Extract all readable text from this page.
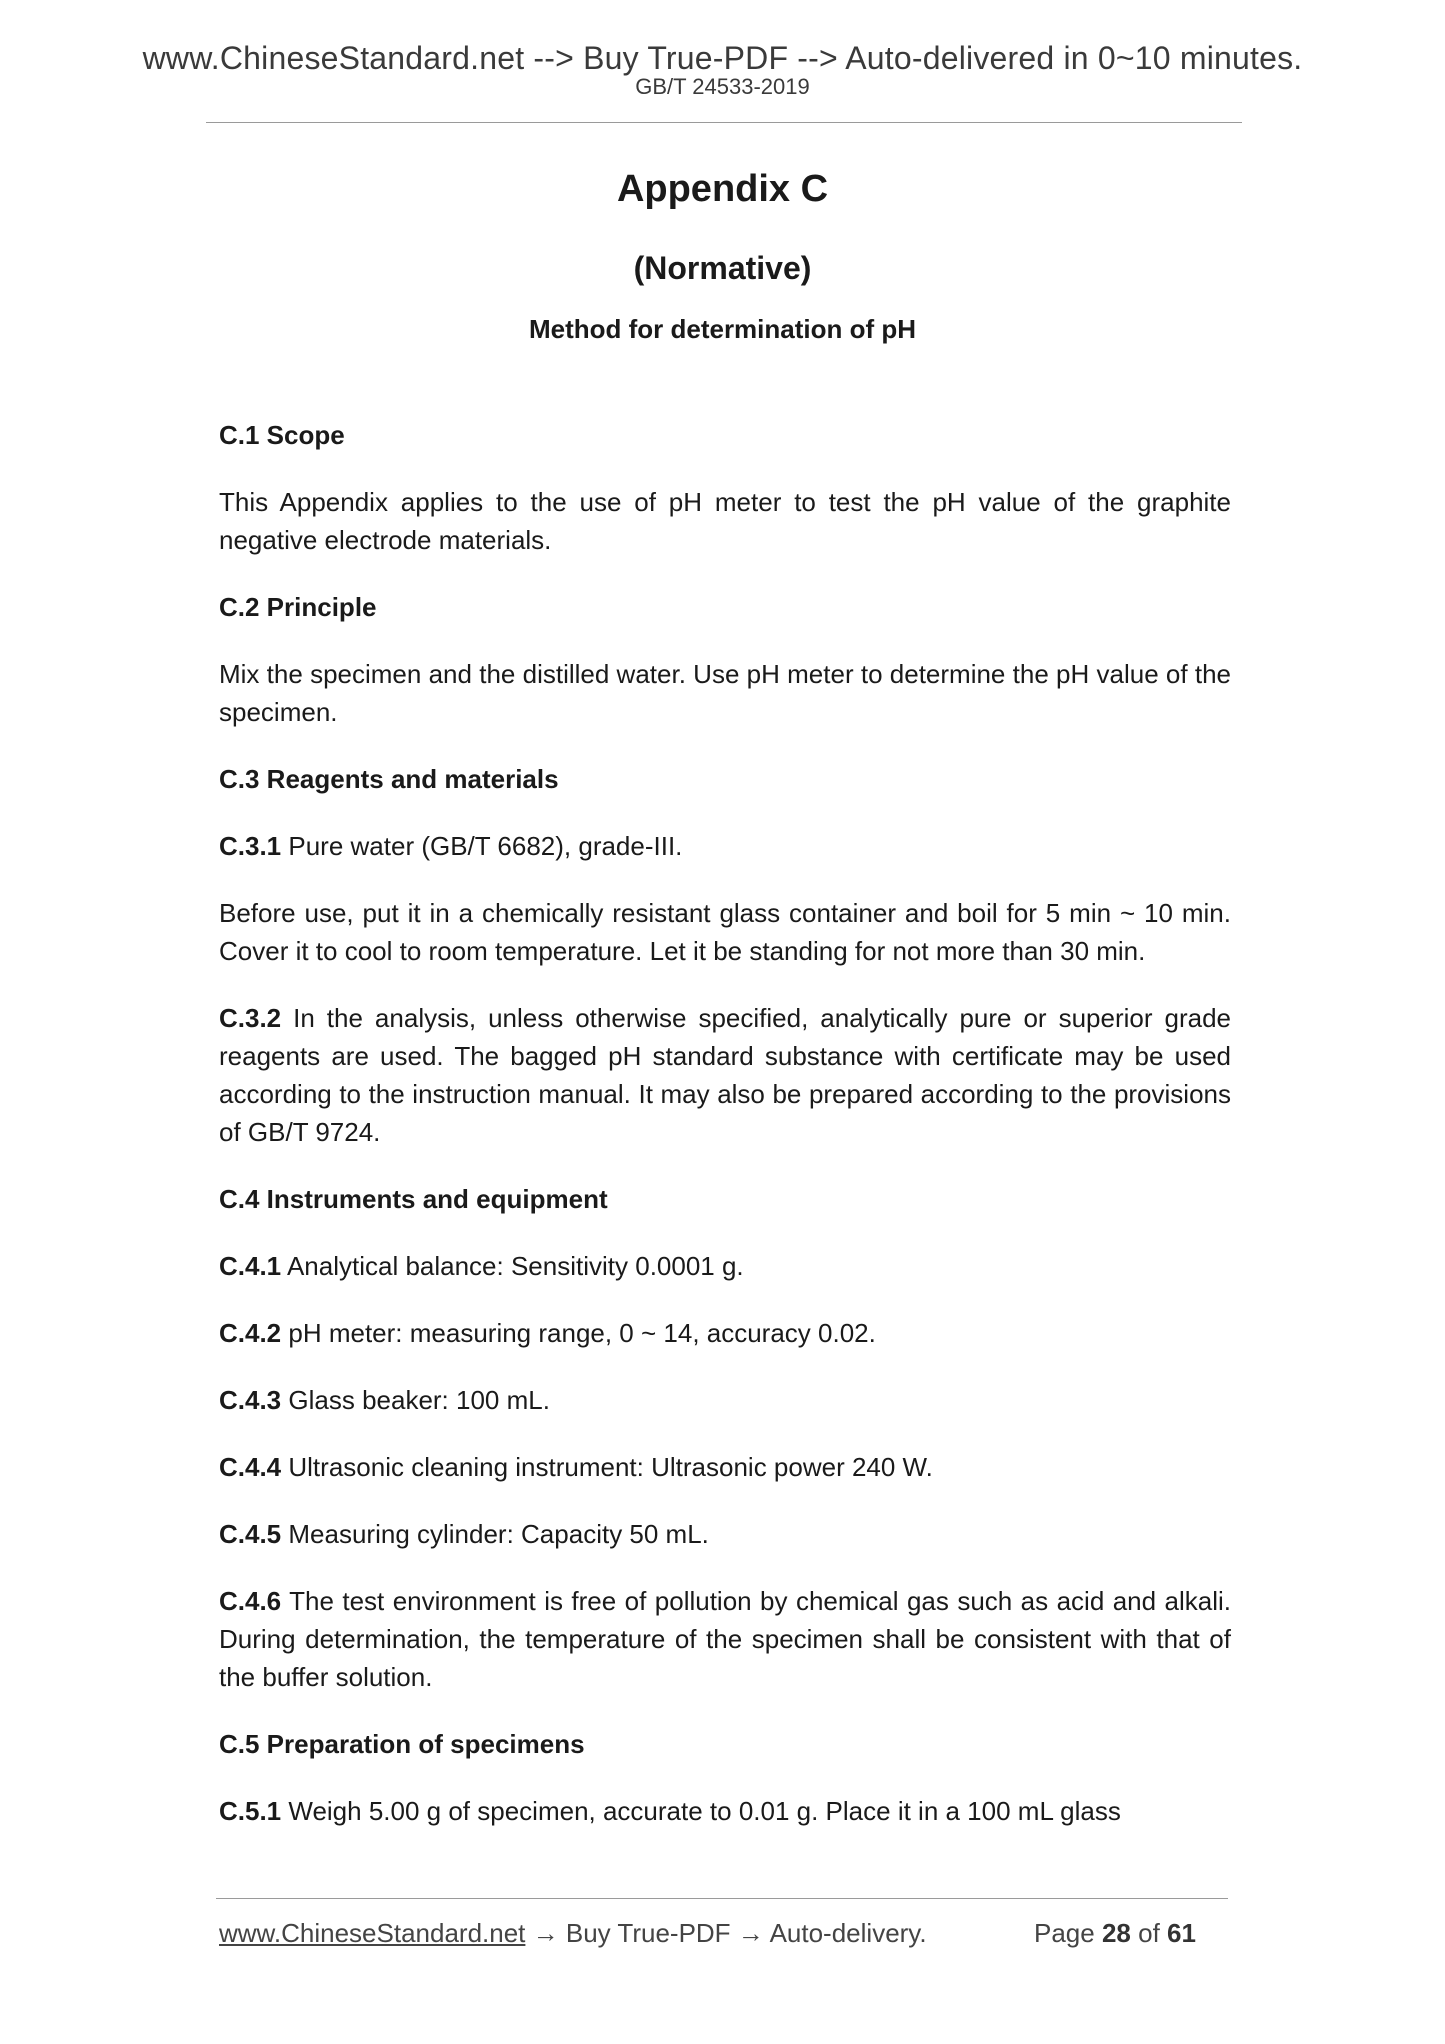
www.ChineseStandard.net --> Buy True-PDF --> Auto-delivered in 0~10 minutes.
GB/T 24533-2019
Appendix C
(Normative)
Method for determination of pH
C.1 Scope

This Appendix applies to the use of pH meter to test the pH value of the graphite negative electrode materials.

C.2 Principle

Mix the specimen and the distilled water. Use pH meter to determine the pH value of the specimen.

C.3 Reagents and materials

C.3.1 Pure water (GB/T 6682), grade-III.

Before use, put it in a chemically resistant glass container and boil for 5 min ~ 10 min. Cover it to cool to room temperature. Let it be standing for not more than 30 min.

C.3.2 In the analysis, unless otherwise specified, analytically pure or superior grade reagents are used. The bagged pH standard substance with certificate may be used according to the instruction manual. It may also be prepared according to the provisions of GB/T 9724.

C.4 Instruments and equipment

C.4.1 Analytical balance: Sensitivity 0.0001 g.

C.4.2 pH meter: measuring range, 0 ~ 14, accuracy 0.02.

C.4.3 Glass beaker: 100 mL.

C.4.4 Ultrasonic cleaning instrument: Ultrasonic power 240 W.

C.4.5 Measuring cylinder: Capacity 50 mL.

C.4.6 The test environment is free of pollution by chemical gas such as acid and alkali. During determination, the temperature of the specimen shall be consistent with that of the buffer solution.

C.5 Preparation of specimens

C.5.1 Weigh 5.00 g of specimen, accurate to 0.01 g. Place it in a 100 mL glass

www.ChineseStandard.net → Buy True-PDF → Auto-delivery.	Page 28 of 61
